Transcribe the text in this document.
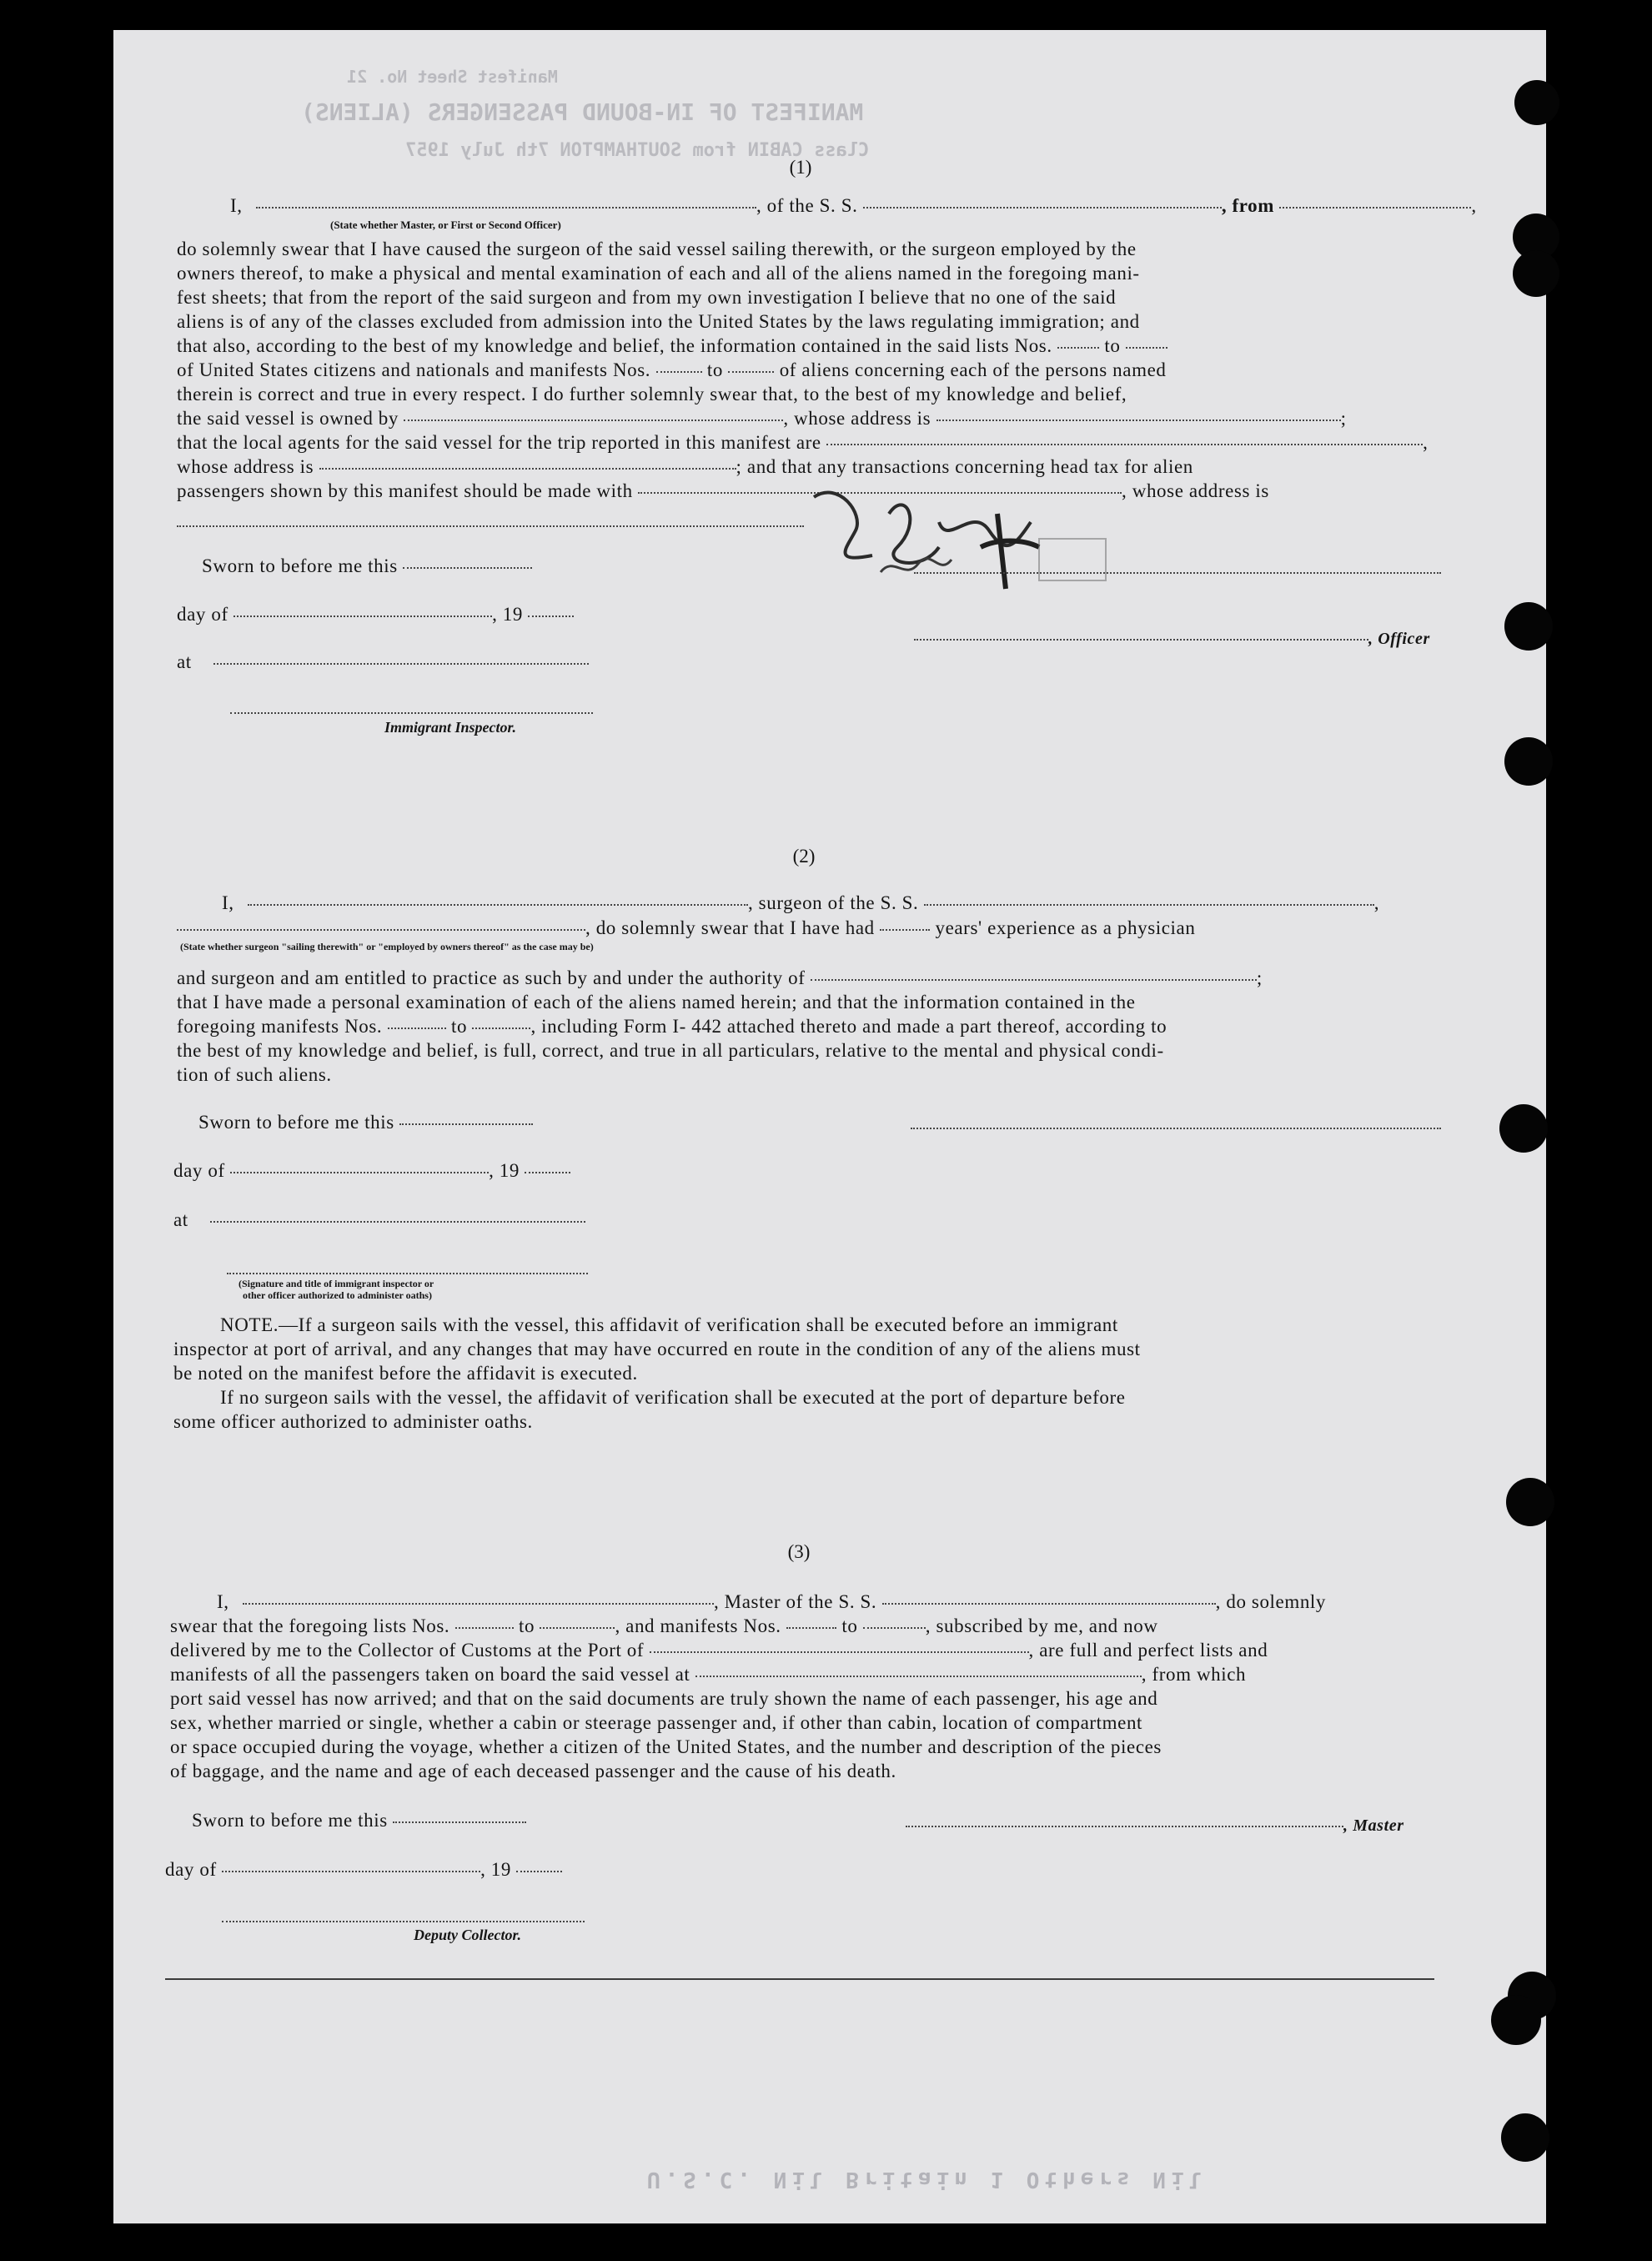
Manifest Sheet No. 21
MANIFEST OF IN-BOUND PASSENGERS (ALIENS)
Class CABIN from SOUTHAMPTON 7th July 1957
(1)
I,	, of the S. S.	, from	,
(State whether Master, or First or Second Officer)
do solemnly swear that I have caused the surgeon of the said vessel sailing therewith, or the surgeon employed by the
owners thereof, to make a physical and mental examination of each and all of the aliens named in the foregoing mani-
fest sheets; that from the report of the said surgeon and from my own investigation I believe that no one of the said
aliens is of any of the classes excluded from admission into the United States by the laws regulating immigration; and
that also, according to the best of my knowledge and belief, the information contained in the said lists Nos.	to
of United States citizens and nationals and manifests Nos.	to	of aliens concerning each of the persons named
therein is correct and true in every respect. I do further solemnly swear that, to the best of my knowledge and belief,
the said vessel is owned by	, whose address is	;
that the local agents for the said vessel for the trip reported in this manifest are	,
whose address is	; and that any transactions concerning head tax for alien
passengers shown by this manifest should be made with	, whose address is
Sworn to before me this
day of	, 19
, Officer
at
Immigrant Inspector.
(2)
I,	, surgeon of the S. S.	,
, do solemnly swear that I have had	years' experience as a physician
(State whether surgeon "sailing therewith" or "employed by owners thereof" as the case may be)
and surgeon and am entitled to practice as such by and under the authority of	;
that I have made a personal examination of each of the aliens named herein; and that the information contained in the
foregoing manifests Nos.	to	, including Form I- 442 attached thereto and made a part thereof, according to
the best of my knowledge and belief, is full, correct, and true in all particulars, relative to the mental and physical condi-
tion of such aliens.
Sworn to before me this
day of	, 19
at
(Signature and title of immigrant inspector or
other officer authorized to administer oaths)
NOTE.—If a surgeon sails with the vessel, this affidavit of verification shall be executed before an immigrant
inspector at port of arrival, and any changes that may have occurred en route in the condition of any of the aliens must
be noted on the manifest before the affidavit is executed.
If no surgeon sails with the vessel, the affidavit of verification shall be executed at the port of departure before
some officer authorized to administer oaths.
(3)
I,	, Master of the S. S.	, do solemnly
swear that the foregoing lists Nos.	to	, and manifests Nos.	to	, subscribed by me, and now
delivered by me to the Collector of Customs at the Port of	, are full and perfect lists and
manifests of all the passengers taken on board the said vessel at	, from which
port said vessel has now arrived; and that on the said documents are truly shown the name of each passenger, his age and
sex, whether married or single, whether a cabin or steerage passenger and, if other than cabin, location of compartment
or space occupied during the voyage, whether a citizen of the United States, and the number and description of the pieces
of baggage, and the name and age of each deceased passenger and the cause of his death.
Sworn to before me this	, Master
day of	, 19
Deputy Collector.
U.S.C. Nil Britain 1 Others Nil
